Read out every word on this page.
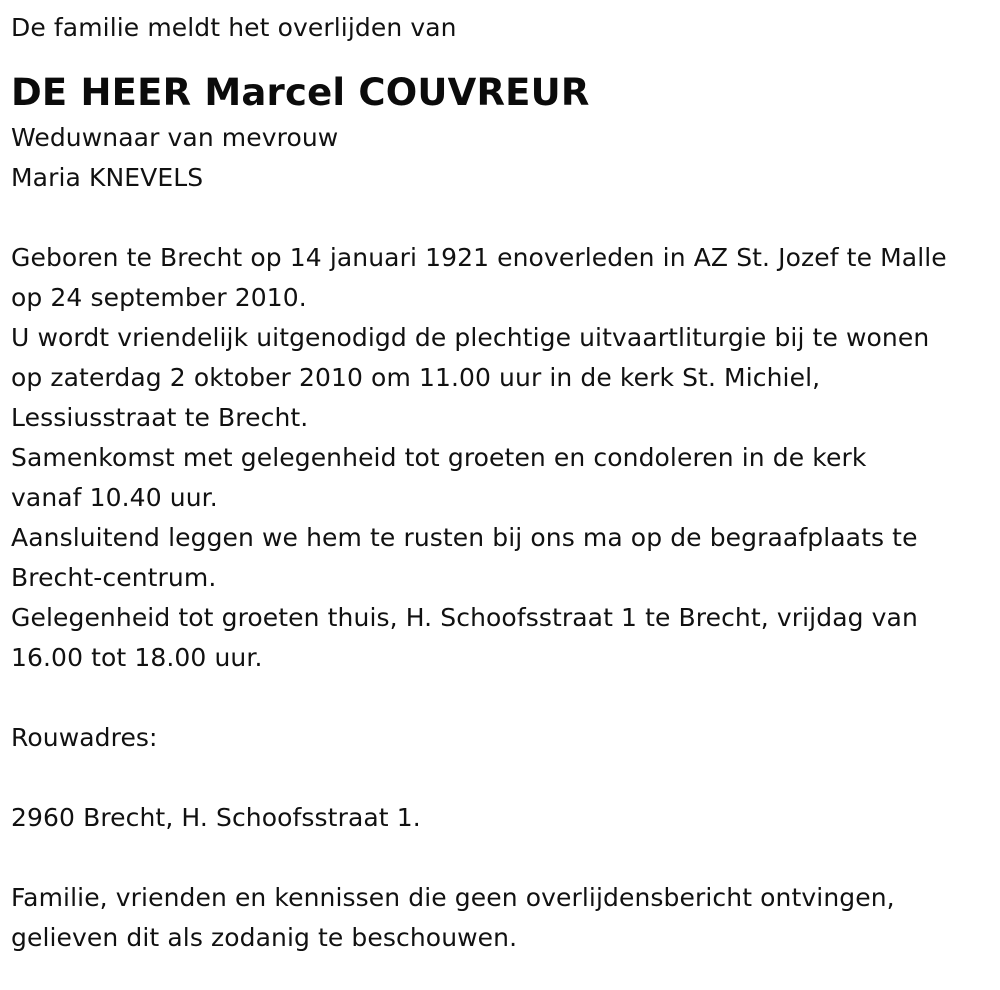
De familie meldt het overlijden van
DE HEER Marcel COUVREUR
Weduwnaar van mevrouw
Maria KNEVELS
Geboren te Brecht op 14 januari 1921 enoverleden in AZ St. Jozef te Malle
op 24 september 2010.
U wordt vriendelijk uitgenodigd de plechtige uitvaartliturgie bij te wonen
op zaterdag 2 oktober 2010 om 11.00 uur in de kerk St. Michiel,
Lessiusstraat te Brecht.
Samenkomst met gelegenheid tot groeten en condoleren in de kerk
vanaf 10.40 uur.
Aansluitend leggen we hem te rusten bij ons ma op de begraafplaats te
Brecht-centrum.
Gelegenheid tot groeten thuis, H. Schoofsstraat 1 te Brecht, vrijdag van
16.00 tot 18.00 uur.
Rouwadres:
2960 Brecht, H. Schoofsstraat 1.
Familie, vrienden en kennissen die geen overlijdensbericht ontvingen,
gelieven dit als zodanig te beschouwen.
